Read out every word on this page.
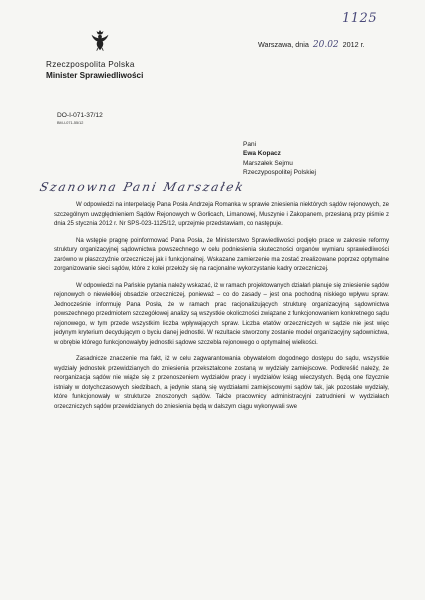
1125
Rzeczpospolita Polska
Minister Sprawiedliwości
Warszawa, dnia 20.02 2012 r.
DO-I-071-37/12
BM-I-071-55/12
Pani
Ewa Kopacz
Marszałek Sejmu
Rzeczypospolitej Polskiej
Szanowna Pani Marszałek

W odpowiedzi na interpelację Pana Posła Andrzeja Romanka w sprawie zniesienia niektórych sądów rejonowych, ze szczególnym uwzględnieniem Sądów Rejonowych w Gorlicach, Limanowej, Muszynie i Zakopanem, przesłaną przy piśmie z dnia 25 stycznia 2012 r. Nr SPS-023-1125/12, uprzejmie przedstawiam, co następuje.

Na wstępie pragnę poinformować Pana Posła, że Ministerstwo Sprawiedliwości podjęło prace w zakresie reformy struktury organizacyjnej sądownictwa powszechnego w celu podniesienia skuteczności organów wymiaru sprawiedliwości zarówno w płaszczyźnie orzeczniczej jak i funkcjonalnej. Wskazane zamierzenie ma zostać zrealizowane poprzez optymalne zorganizowanie sieci sądów, które z kolei przełoży się na racjonalne wykorzystanie kadry orzeczniczej.

W odpowiedzi na Pańskie pytania należy wskazać, iż w ramach projektowanych działań planuje się zniesienie sądów rejonowych o niewielkiej obsadzie orzeczniczej, ponieważ – co do zasady – jest ona pochodną niskiego wpływu spraw. Jednocześnie informuję Pana Posła, że w ramach prac racjonalizujących strukturę organizacyjną sądownictwa powszechnego przedmiotem szczegółowej analizy są wszystkie okoliczności związane z funkcjonowaniem konkretnego sądu rejonowego, w tym przede wszystkim liczba wpływających spraw. Liczba etatów orzeczniczych w sądzie nie jest więc jedynym kryterium decydującym o byciu danej jednostki. W rezultacie stworzony zostanie model organizacyjny sądownictwa, w obrębie którego funkcjonowałyby jednostki sądowe szczebla rejonowego o optymalnej wielkości.

Zasadnicze znaczenie ma fakt, iż w celu zagwarantowania obywatelom dogodnego dostępu do sądu, wszystkie wydziały jednostek przewidzianych do zniesienia przekształcone zostaną w wydziały zamiejscowe. Podkreślić należy, że reorganizacja sądów nie wiąże się z przenoszeniem wydziałów pracy i wydziałów ksiąg wieczystych. Będą one fizycznie istniały w dotychczasowych siedzibach, a jedynie staną się wydziałami zamiejscowymi sądów tak, jak pozostałe wydziały, które funkcjonowały w strukturze znoszonych sądów. Także pracownicy administracyjni zatrudnieni w wydziałach orzeczniczych sądów przewidzianych do zniesienia będą w dalszym ciągu wykonywali swe
